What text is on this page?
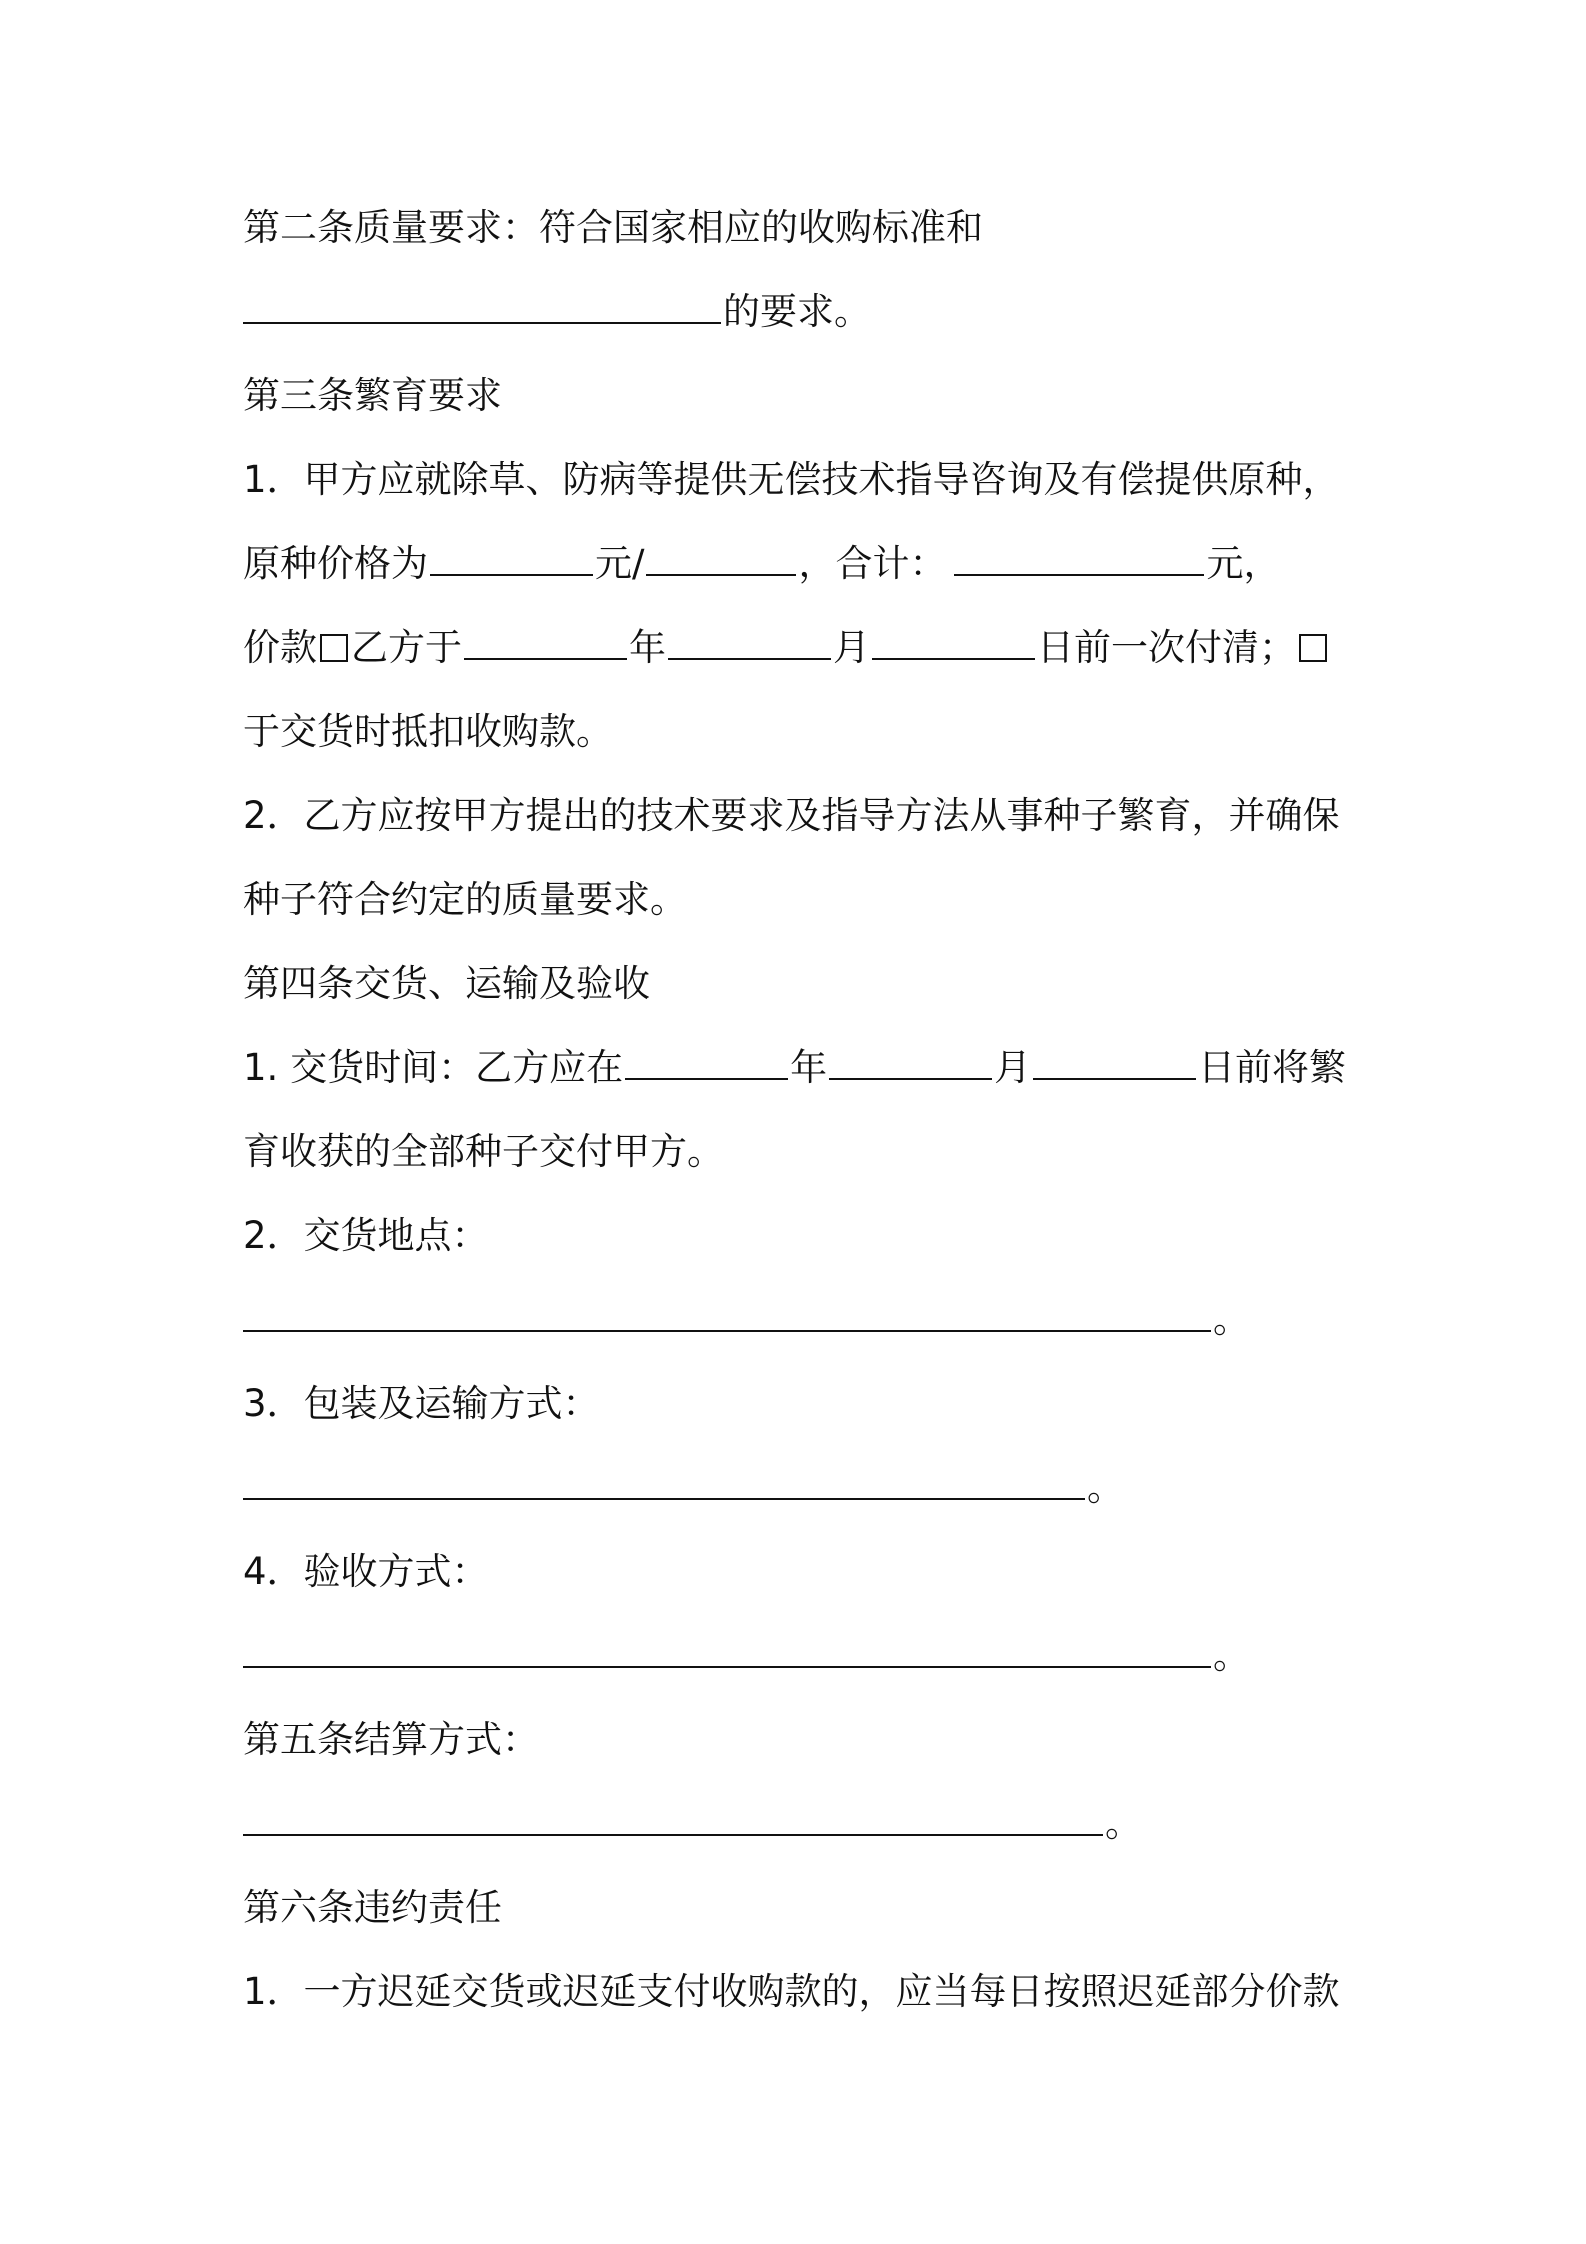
第二条质量要求：符合国家相应的收购标准和
的要求。
第三条繁育要求
1．甲方应就除草、防病等提供无偿技术指导咨询及有偿提供原种，
原种价格为	元/	，合计：	元，
价款 乙方于	年	月	日前一次付清；
于交货时抵扣收购款。
2．乙方应按甲方提出的技术要求及指导方法从事种子繁育，并确保
种子符合约定的质量要求。
第四条交货、运输及验收
1. 交货时间：乙方应在	年	月	日前将繁
育收获的全部种子交付甲方。
2．交货地点：
。
3．包装及运输方式：
。
4．验收方式：
。
第五条结算方式：
。
第六条违约责任
1．一方迟延交货或迟延支付收购款的，应当每日按照迟延部分价款
